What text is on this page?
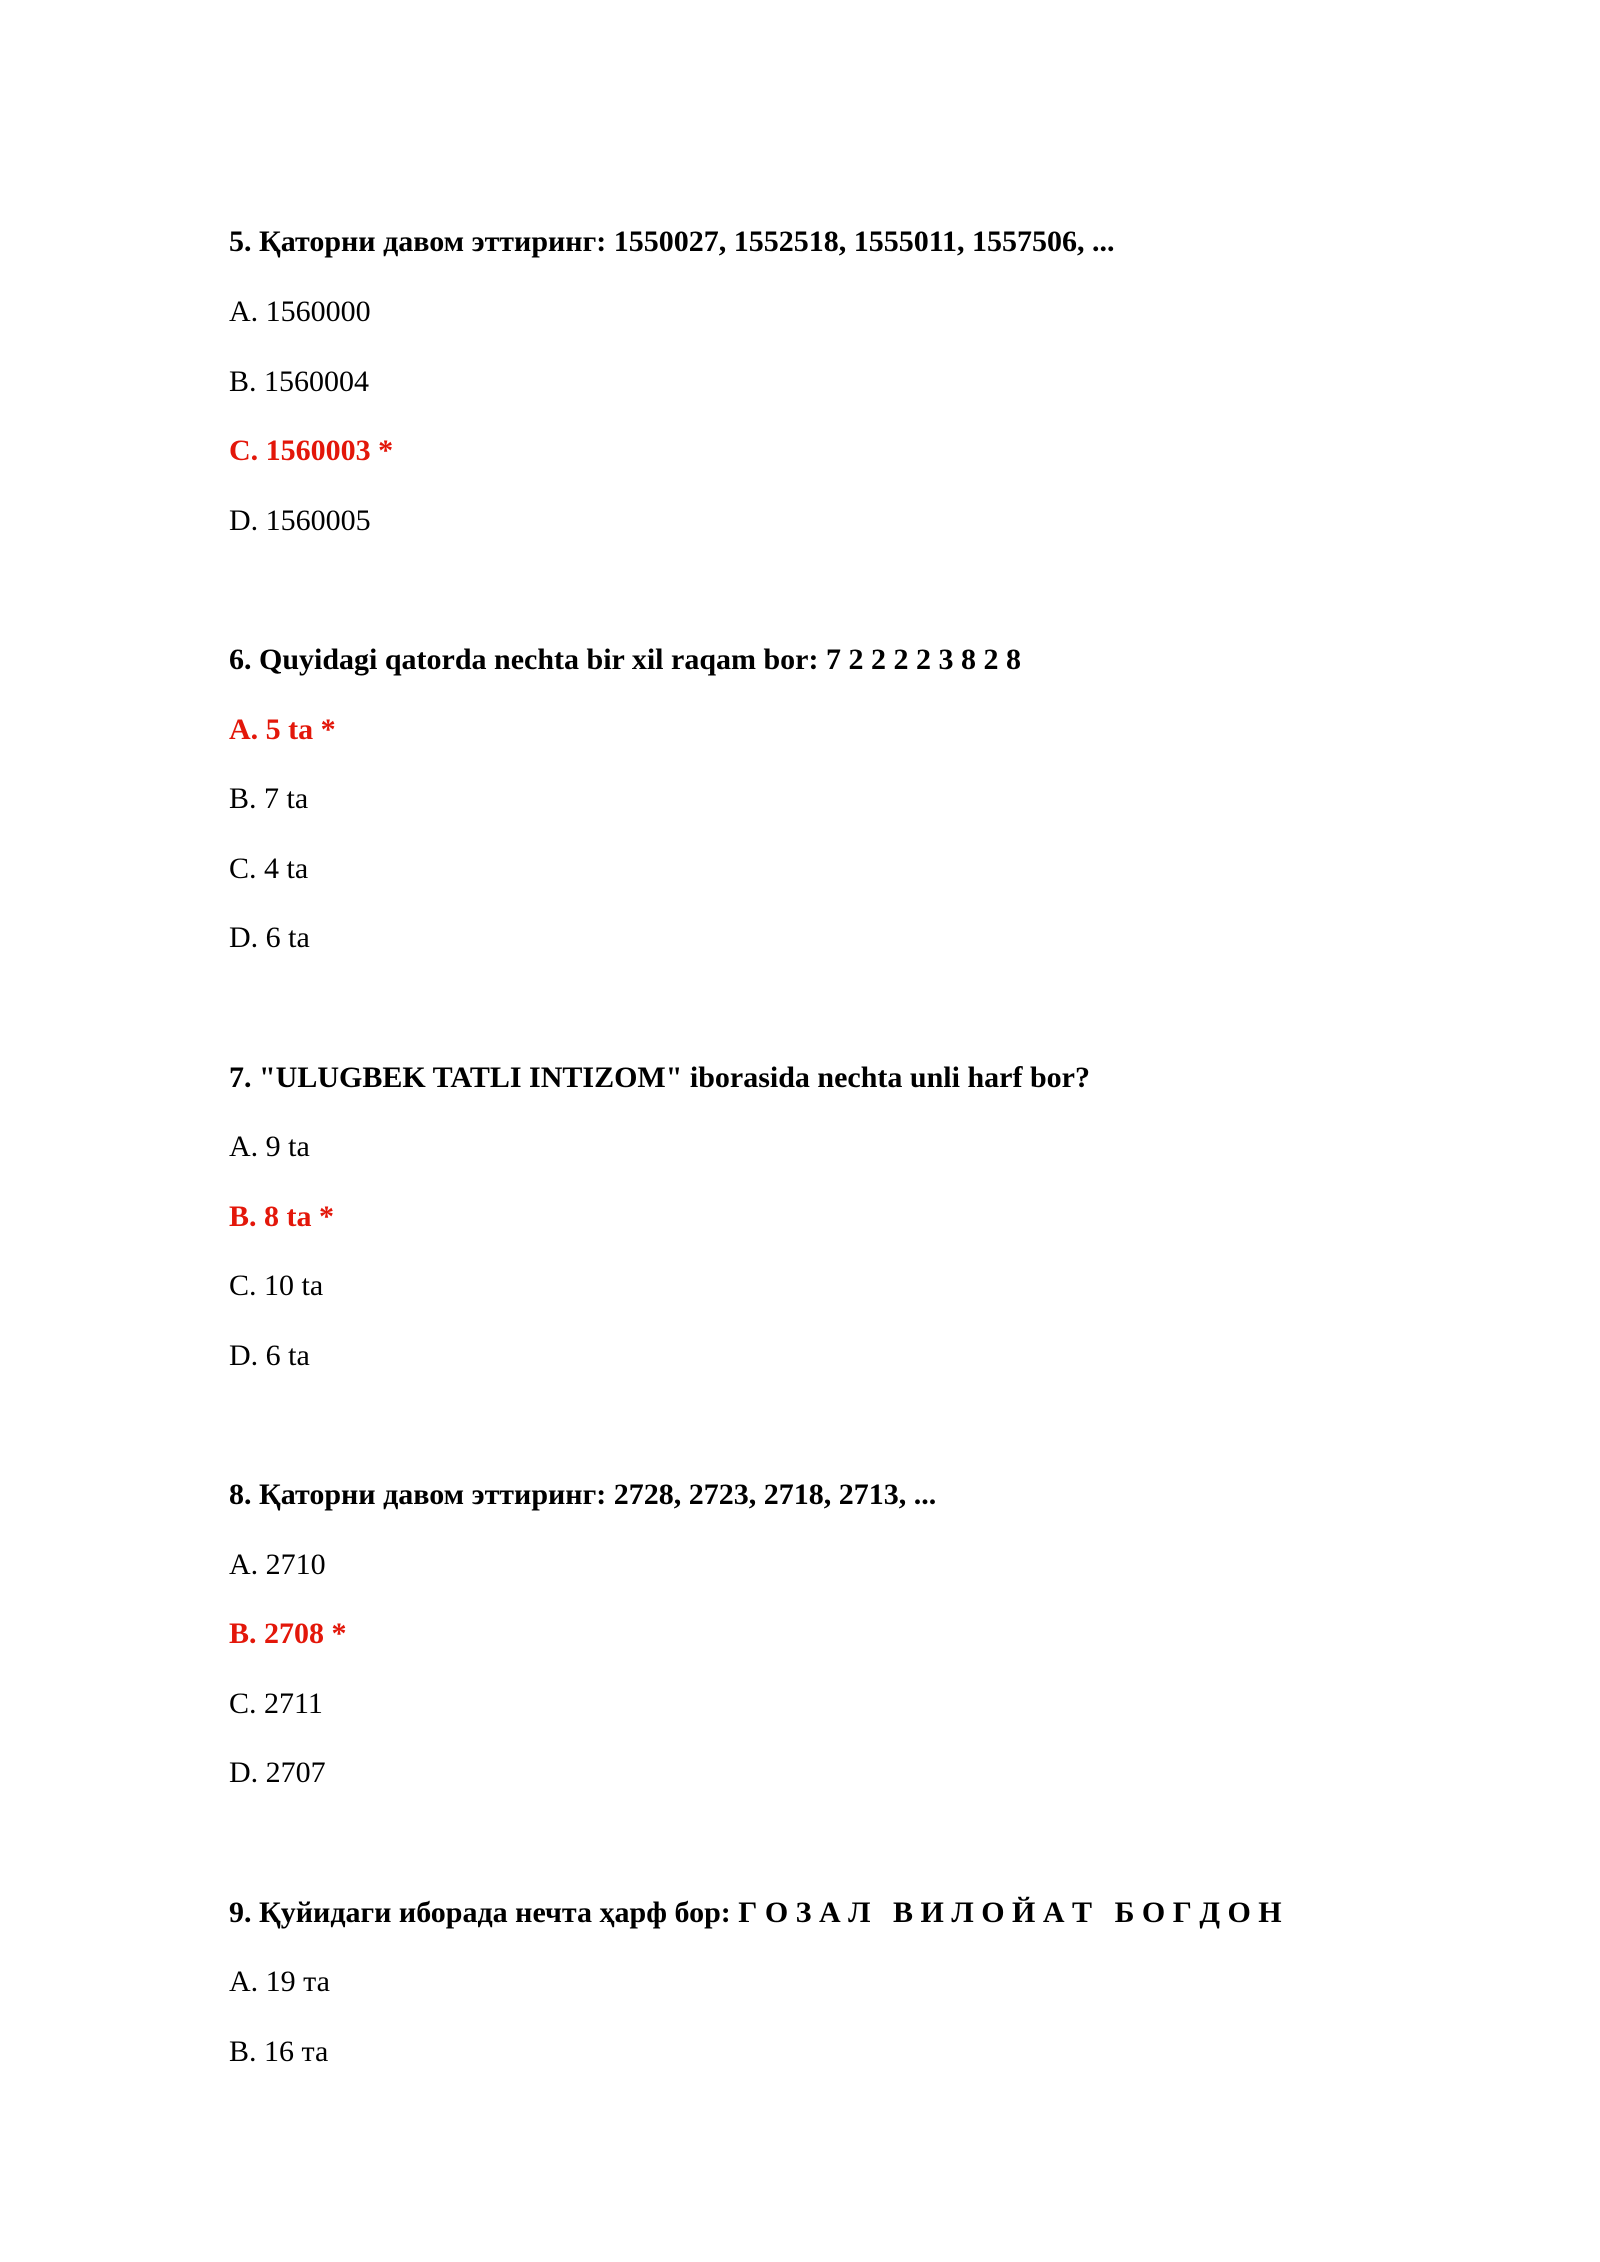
5. Қаторни давом эттиринг: 1550027, 1552518, 1555011, 1557506, ...
A. 1560000
B. 1560004
C. 1560003 *
D. 1560005
6. Quyidagi qatorda nechta bir xil raqam bor: 7 2 2 2 2 3 8 2 8
A. 5 ta *
B. 7 ta
C. 4 ta
D. 6 ta
7. "ULUGBEK TATLI INTIZOM" iborasida nechta unli harf bor?
A. 9 ta
B. 8 ta *
C. 10 ta
D. 6 ta
8. Қаторни давом эттиринг: 2728, 2723, 2718, 2713, ...
A. 2710
B. 2708 *
C. 2711
D. 2707
9. Қуйидаги иборада нечта ҳарф бор: Г О З А Л   В И Л О Й А Т   Б О Г Д О Н
A. 19 та
B. 16 та
